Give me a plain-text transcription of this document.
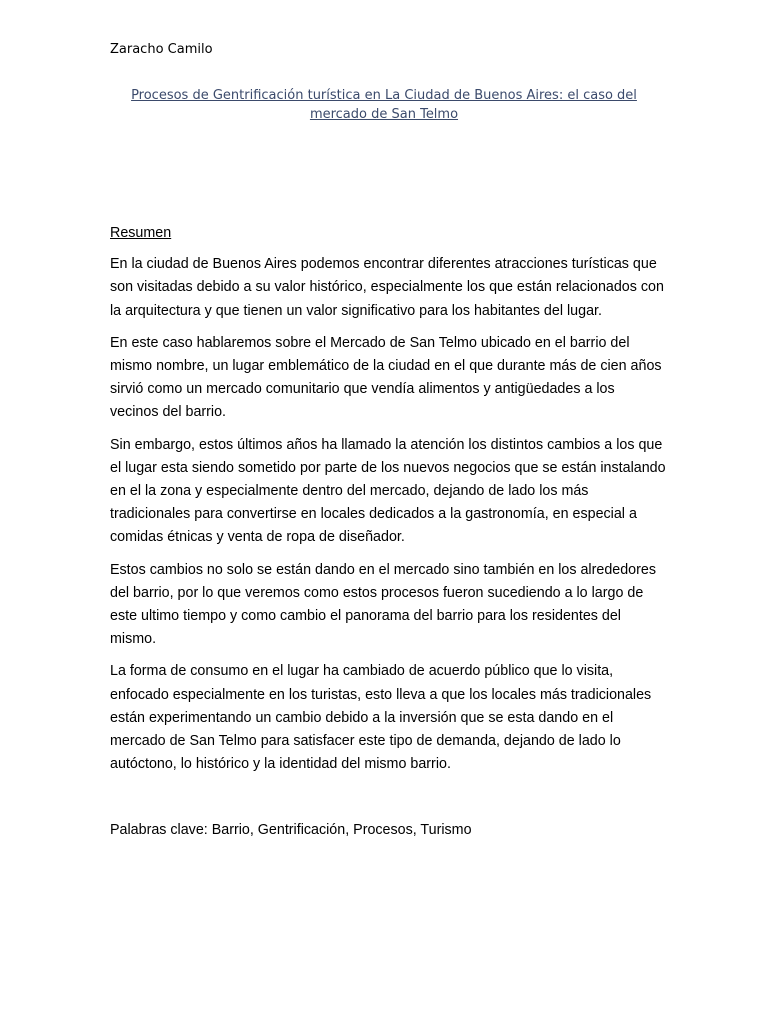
Zaracho Camilo

Procesos de Gentrificación turística en La Ciudad de Buenos Aires: el caso del mercado de San Telmo

Resumen

En la ciudad de Buenos Aires podemos encontrar diferentes atracciones turísticas que son visitadas debido a su valor histórico, especialmente los que están relacionados con la arquitectura y que tienen un valor significativo para los habitantes del lugar.

En este caso hablaremos sobre el Mercado de San Telmo ubicado en el barrio del mismo nombre, un lugar emblemático de la ciudad en el que durante más de cien años sirvió como un mercado comunitario que vendía alimentos y antigüedades a los vecinos del barrio.

Sin embargo, estos últimos años ha llamado la atención los distintos cambios a los que el lugar esta siendo sometido por parte de los nuevos negocios que se están instalando en el la zona y especialmente dentro del mercado, dejando de lado los más tradicionales para convertirse en locales dedicados a la gastronomía, en especial a comidas étnicas y venta de ropa de diseñador.

Estos cambios no solo se están dando en el mercado sino también en los alrededores del barrio, por lo que veremos como estos procesos fueron sucediendo a lo largo de este ultimo tiempo y como cambio el panorama del barrio para los residentes del mismo.

La forma de consumo en el lugar ha cambiado de acuerdo público que lo visita, enfocado especialmente en los turistas, esto lleva a que los locales más tradicionales están experimentando un cambio debido a la inversión que se esta dando en el mercado de San Telmo para satisfacer este tipo de demanda, dejando de lado lo autóctono, lo histórico y la identidad del mismo barrio.

Palabras clave: Barrio, Gentrificación, Procesos, Turismo
